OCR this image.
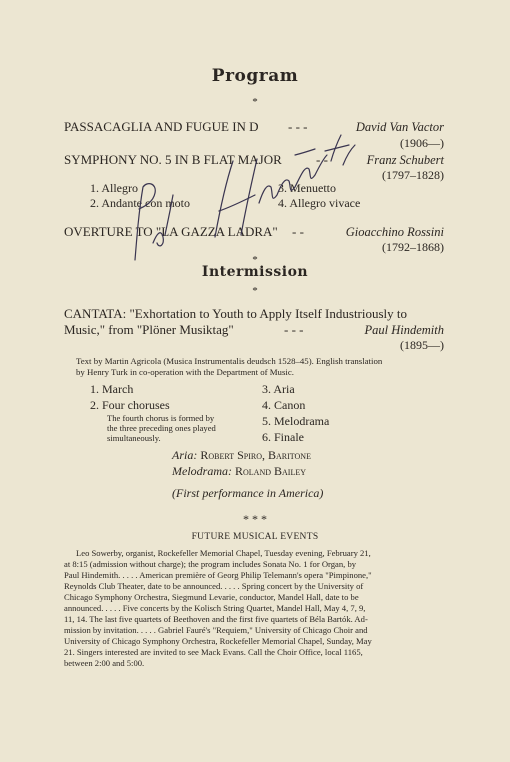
Program
*
PASSACAGLIA AND FUGUE IN D - - -	David Van Vactor
(1906—)
SYMPHONY NO. 5 IN B FLAT MAJOR	- -	Franz Schubert
(1797–1828)
1. Allegro
2. Andante con moto
3. Menuetto
4. Allegro vivace
OVERTURE TO "LA GAZZA LADRA" - -	Gioacchino Rossini
(1792–1868)
*
Intermission
*
CANTATA: "Exhortation to Youth to Apply Itself Industriously to
Music," from "Plöner Musiktag"	- - -	Paul Hindemith
(1895—)
Text by Martin Agricola (Musica Instrumentalis deudsch 1528–45). English translation
by Henry Turk in co-operation with the Department of Music.
1. March
2. Four choruses
The fourth chorus is formed by
the three preceding ones played
simultaneously.
3. Aria
4. Canon
5. Melodrama
6. Finale
Aria: Robert Spiro, Baritone
Melodrama: Roland Bailey
(First performance in America)
* * *
FUTURE MUSICAL EVENTS
Leo Sowerby, organist, Rockefeller Memorial Chapel, Tuesday evening, February 21,
at 8:15 (admission without charge); the program includes Sonata No. 1 for Organ, by
Paul Hindemith. . . . . American première of Georg Philip Telemann's opera "Pimpinone,"
Reynolds Club Theater, date to be announced. . . . . Spring concert by the University of
Chicago Symphony Orchestra, Siegmund Levarie, conductor, Mandel Hall, date to be
announced. . . . . Five concerts by the Kolisch String Quartet, Mandel Hall, May 4, 7, 9,
11, 14. The last five quartets of Beethoven and the first five quartets of Béla Bartók. Ad-
mission by invitation. . . . . Gabriel Fauré's "Requiem," University of Chicago Choir and
University of Chicago Symphony Orchestra, Rockefeller Memorial Chapel, Sunday, May
21. Singers interested are invited to see Mack Evans. Call the Choir Office, local 1165,
between 2:00 and 5:00.
